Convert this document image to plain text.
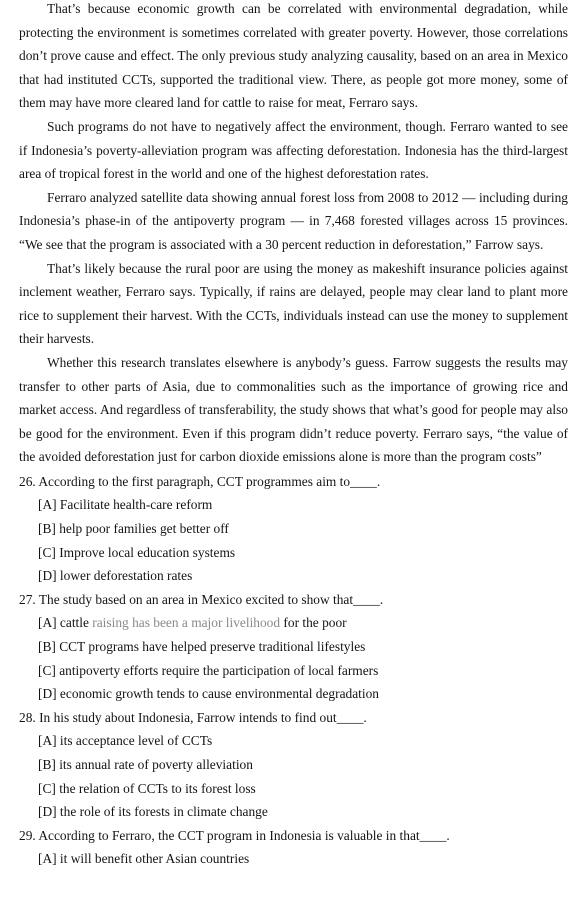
That’s because economic growth can be correlated with environmental degradation, while protecting the environment is sometimes correlated with greater poverty. However, those correlations don’t prove cause and effect. The only previous study analyzing causality, based on an area in Mexico that had instituted CCTs, supported the traditional view. There, as people got more money, some of them may have more cleared land for cattle to raise for meat, Ferraro says.

Such programs do not have to negatively affect the environment, though. Ferraro wanted to see if Indonesia’s poverty-alleviation program was affecting deforestation. Indonesia has the third-largest area of tropical forest in the world and one of the highest deforestation rates.

Ferraro analyzed satellite data showing annual forest loss from 2008 to 2012 — including during Indonesia’s phase-in of the antipoverty program — in 7,468 forested villages across 15 provinces. “We see that the program is associated with a 30 percent reduction in deforestation,” Farrow says.

That’s likely because the rural poor are using the money as makeshift insurance policies against inclement weather, Ferraro says. Typically, if rains are delayed, people may clear land to plant more rice to supplement their harvest. With the CCTs, individuals instead can use the money to supplement their harvests.

Whether this research translates elsewhere is anybody’s guess. Farrow suggests the results may transfer to other parts of Asia, due to commonalities such as the importance of growing rice and market access. And regardless of transferability, the study shows that what’s good for people may also be good for the environment. Even if this program didn’t reduce poverty. Ferraro says, “the value of the avoided deforestation just for carbon dioxide emissions alone is more than the program costs”

26. According to the first paragraph, CCT programmes aim to____.

[A] Facilitate health-care reform

[B] help poor families get better off

[C] Improve local education systems

[D] lower deforestation rates

27. The study based on an area in Mexico excited to show that____.

[A] cattle raising has been a major livelihood for the poor

[B] CCT programs have helped preserve traditional lifestyles

[C] antipoverty efforts require the participation of local farmers

[D] economic growth tends to cause environmental degradation

28. In his study about Indonesia, Farrow intends to find out____.

[A] its acceptance level of CCTs

[B] its annual rate of poverty alleviation

[C] the relation of CCTs to its forest loss

[D] the role of its forests in climate change

29. According to Ferraro, the CCT program in Indonesia is valuable in that____.

[A] it will benefit other Asian countries
